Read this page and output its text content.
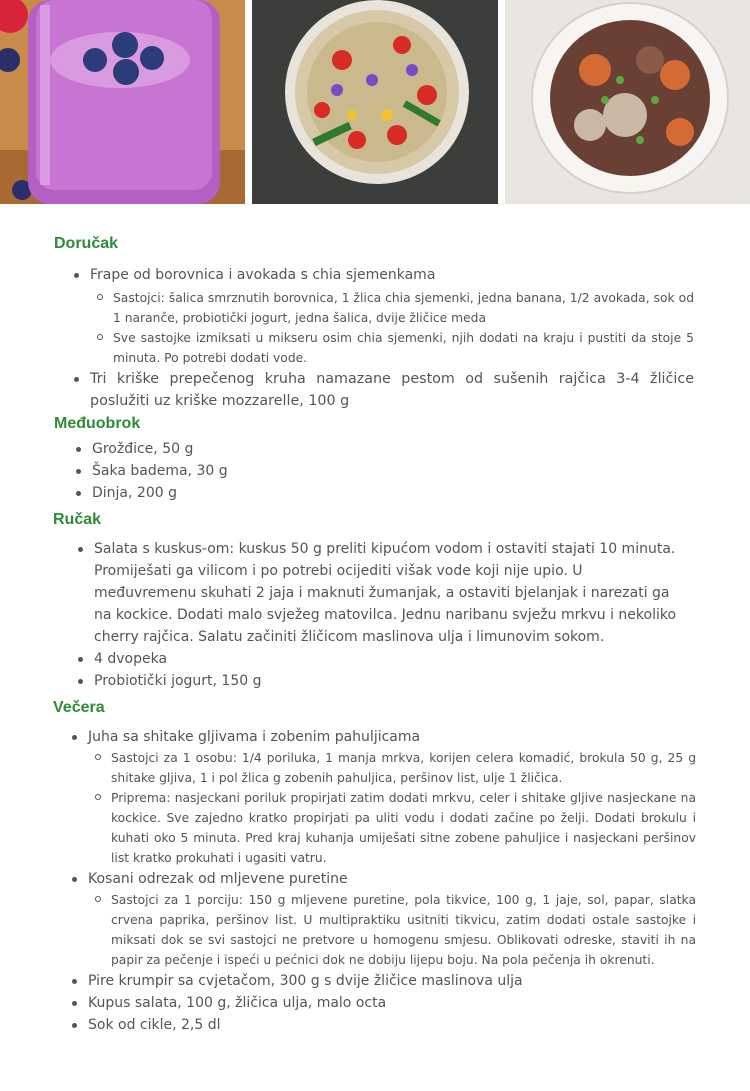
Doručak
Frape od borovnica i avokada s chia sjemenkama
Sastojci: šalica smrznutih borovnica, 1 žlica chia sjemenki, jedna banana, 1/2 avokada, sok od 1 naranče, probiotički jogurt, jedna šalica, dvije žličice meda
Sve sastojke izmiksati u mikseru osim chia sjemenki, njih dodati na kraju i pustiti da stoje 5 minuta. Po potrebi dodati vode.
Tri kriške prepečenog kruha namazane pestom od sušenih rajčica 3-4 žličice poslužiti uz kriške mozzarelle, 100 g
Međuobrok
Grožđice, 50 g
Šaka badema, 30 g
Dinja, 200 g
Ručak
Salata s kuskus-om: kuskus 50 g preliti kipućom vodom i ostaviti stajati 10 minuta. Promiješati ga vilicom i po potrebi ocijediti višak vode koji nije upio. U međuvremenu skuhati 2 jaja i maknuti žumanjak, a ostaviti bjelanjak i narezati ga na kockice. Dodati malo svježeg matovilca. Jednu naribanu svježu mrkvu i nekoliko cherry rajčica. Salatu začiniti žličicom maslinova ulja i limunovim sokom.
4 dvopeka
Probiotički jogurt, 150 g
Večera
Juha sa shitake gljivama i zobenim pahuljicama
Sastojci za 1 osobu: 1/4 poriluka, 1 manja mrkva, korijen celera komadić, brokula 50 g, 25 g shitake gljiva, 1 i pol žlica g zobenih pahuljica, peršinov list, ulje 1 žličica.
Priprema: nasjeckani poriluk propirjati zatim dodati mrkvu, celer i shitake gljive nasjeckane na kockice. Sve zajedno kratko propirjati pa uliti vodu i dodati začine po želji. Dodati brokulu i kuhati oko 5 minuta. Pred kraj kuhanja umiješati sitne zobene pahuljice i nasjeckani peršinov list kratko prokuhati i ugasiti vatru.
Kosani odrezak od mljevene puretine
Sastojci za 1 porciju: 150 g mljevene puretine, pola tikvice, 100 g, 1 jaje, sol, papar, slatka crvena paprika, peršinov list. U multipraktiku usitniti tikvicu, zatim dodati ostale sastojke i miksati dok se svi sastojci ne pretvore u homogenu smjesu. Oblikovati odreske, staviti ih na papir za pečenje i ispeći u pećnici dok ne dobiju lijepu boju. Na pola pečenja ih okrenuti.
Pire krumpir sa cvjetačom, 300 g s dvije žličice maslinova ulja
Kupus salata, 100 g, žličica ulja, malo octa
Sok od cikle, 2,5 dl
